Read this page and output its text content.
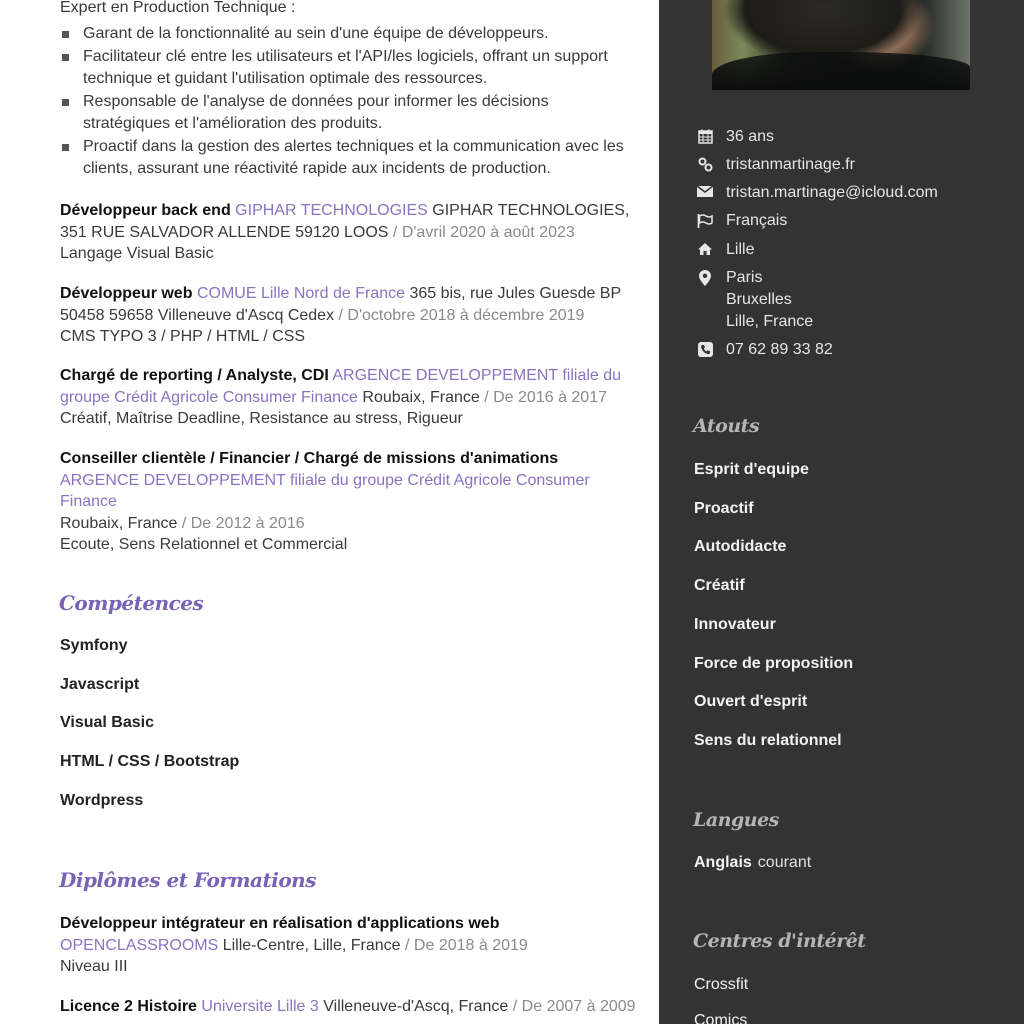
Expert en Production Technique :
Garant de la fonctionnalité au sein d'une équipe de développeurs.
Facilitateur clé entre les utilisateurs et l'API/les logiciels, offrant un support technique et guidant l'utilisation optimale des ressources.
Responsable de l'analyse de données pour informer les décisions stratégiques et l'amélioration des produits.
Proactif dans la gestion des alertes techniques et la communication avec les clients, assurant une réactivité rapide aux incidents de production.
Développeur back end GIPHAR TECHNOLOGIES GIPHAR TECHNOLOGIES, 351 RUE SALVADOR ALLENDE 59120 LOOS / D'avril 2020 à août 2023
Langage Visual Basic
Développeur web COMUE Lille Nord de France 365 bis, rue Jules Guesde BP 50458 59658 Villeneuve d'Ascq Cedex / D'octobre 2018 à décembre 2019
CMS TYPO 3 / PHP / HTML / CSS
Chargé de reporting / Analyste, CDI ARGENCE DEVELOPPEMENT filiale du groupe Crédit Agricole Consumer Finance Roubaix, France / De 2016 à 2017
Créatif, Maîtrise Deadline, Resistance au stress, Rigueur
Conseiller clientèle / Financier / Chargé de missions d'animations ARGENCE DEVELOPPEMENT filiale du groupe Crédit Agricole Consumer Finance
Roubaix, France / De 2012 à 2016
Ecoute, Sens Relationnel et Commercial
Compétences
Symfony
Javascript
Visual Basic
HTML / CSS / Bootstrap
Wordpress
Diplômes et Formations
Développeur intégrateur en réalisation d'applications web
OPENCLASSROOMS Lille-Centre, Lille, France / De 2018 à 2019
Niveau III
Licence 2 Histoire Universite Lille 3 Villeneuve-d'Ascq, France / De 2007 à 2009
36 ans
tristanmartinage.fr
tristan.martinage@icloud.com
Français
Lille
Paris
Bruxelles
Lille, France
07 62 89 33 82
Atouts
Esprit d'equipe
Proactif
Autodidacte
Créatif
Innovateur
Force de proposition
Ouvert d'esprit
Sens du relationnel
Langues
Anglais courant
Centres d'intérêt
Crossfit
Comics
